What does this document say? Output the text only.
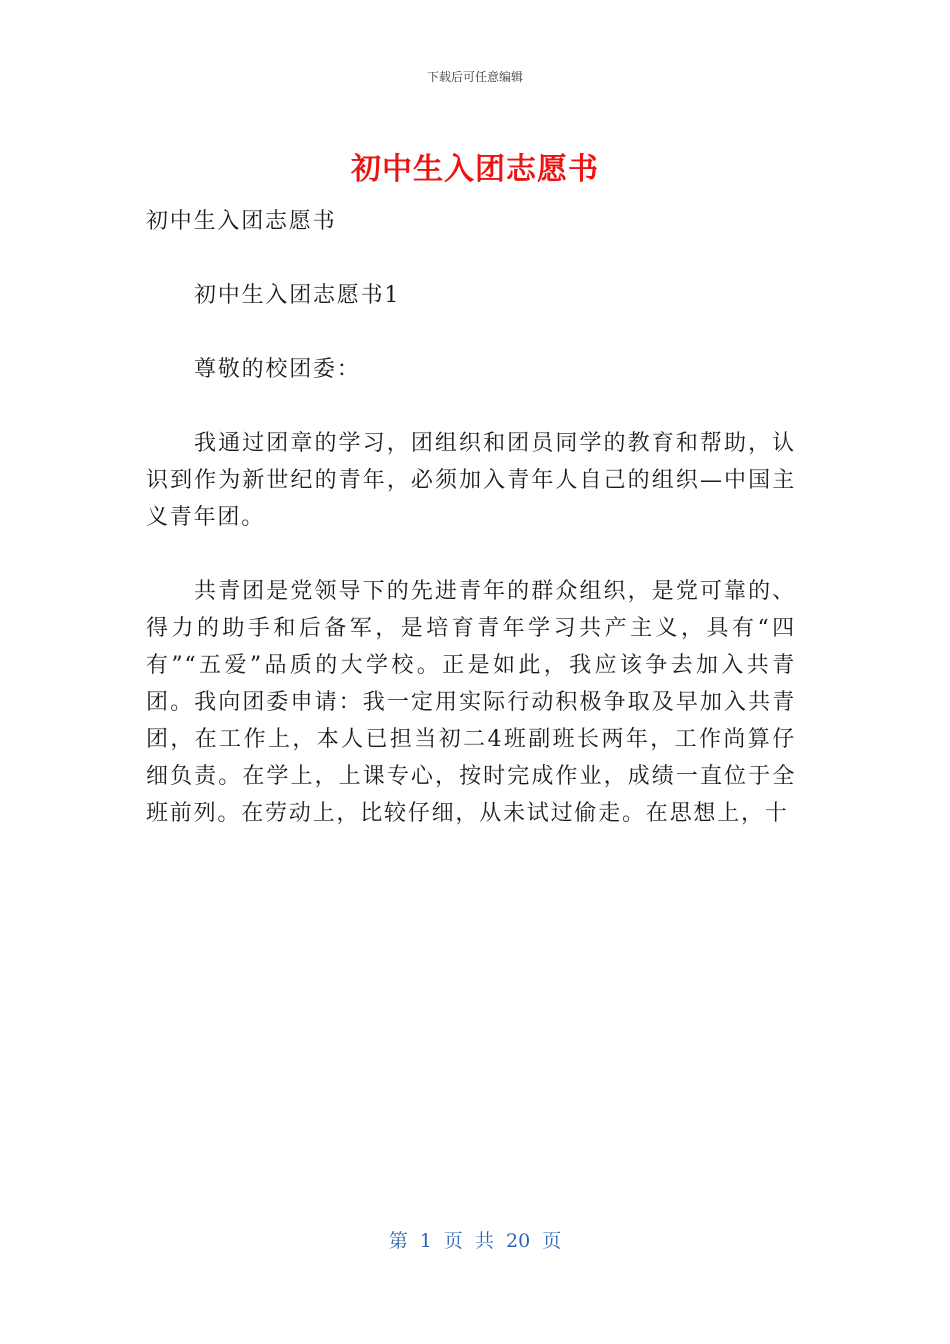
下载后可任意编辑
初中生入团志愿书

初中生入团志愿书

初中生入团志愿书1

尊敬的校团委：

我通过团章的学习，团组织和团员同学的教育和帮助，认识到作为新世纪的青年，必须加入青年人自己的组织—中国主义青年团。

共青团是党领导下的先进青年的群众组织，是党可靠的、得力的助手和后备军，是培育青年学习共产主义，具有“四有”“五爱”品质的大学校。正是如此，我应该争去加入共青团。我向团委申请：我一定用实际行动积极争取及早加入共青团，在工作上，本人已担当初二4班副班长两年，工作尚算仔细负责。在学上，上课专心，按时完成作业，成绩一直位于全班前列。在劳动上，比较仔细，从未试过偷走。在思想上，十

第 1 页 共 20 页
